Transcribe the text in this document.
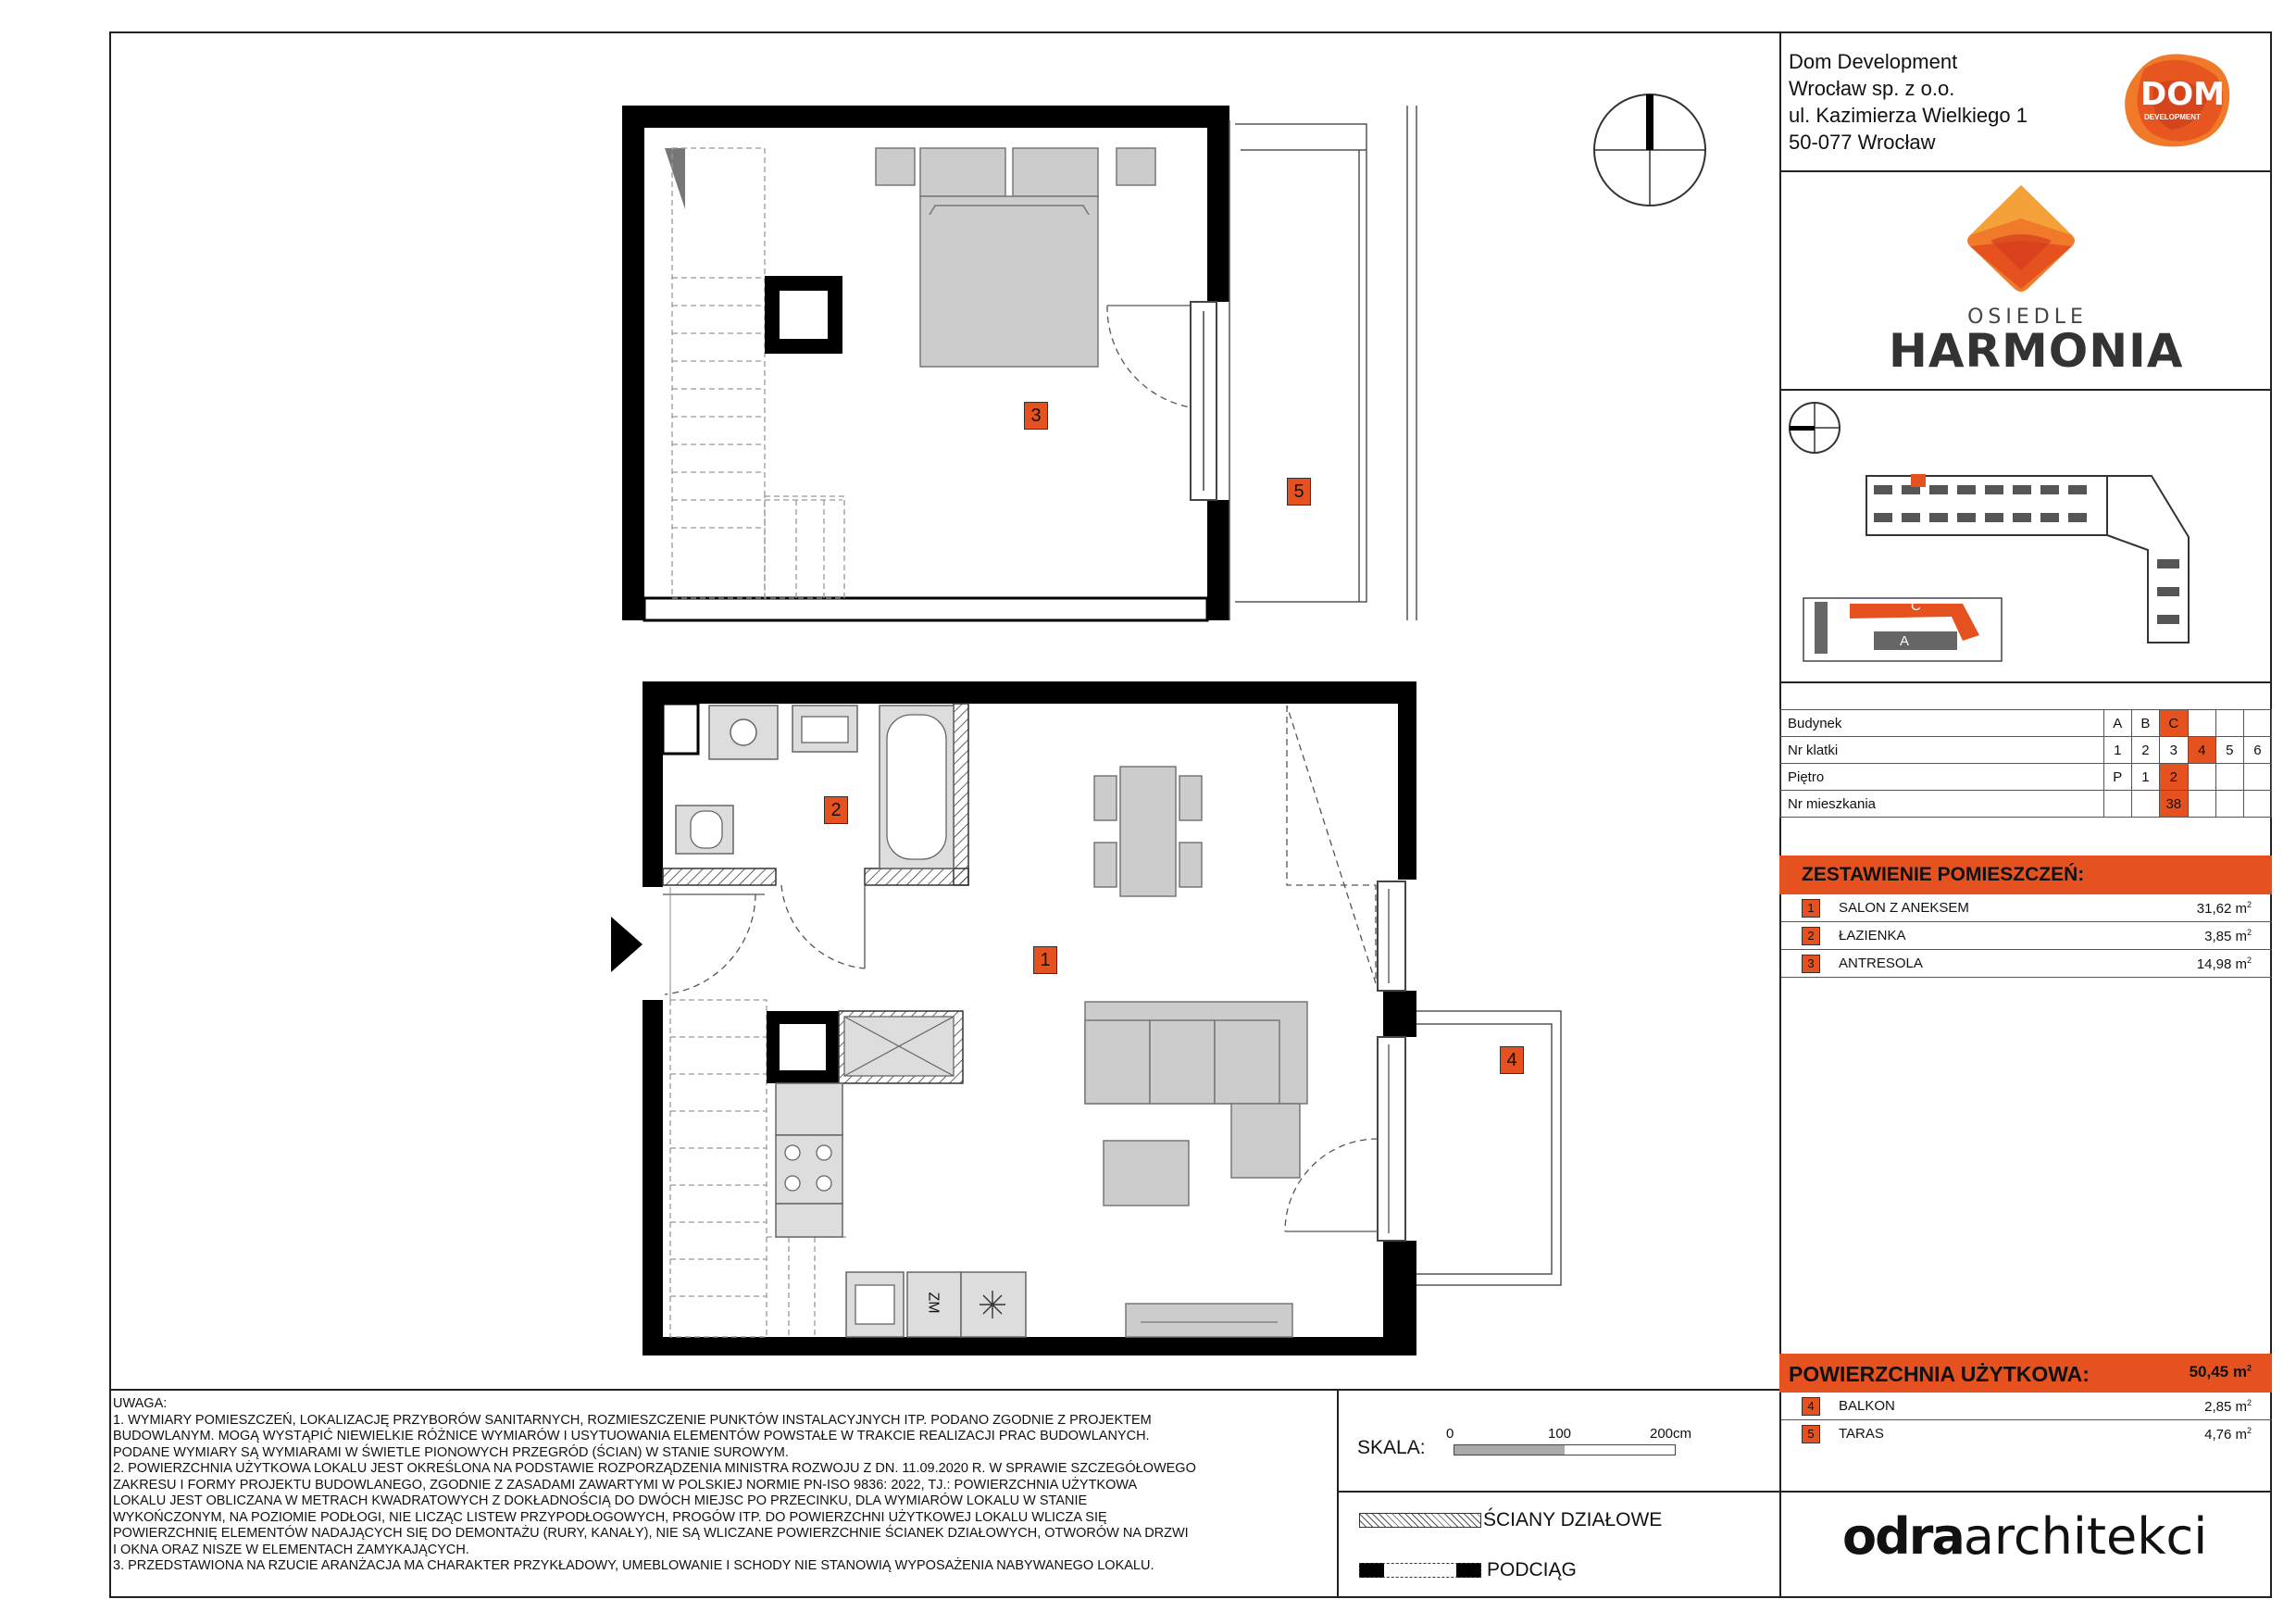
3
5
2
1
4
ZM
Dom Development
Wrocław sp. z o.o.
ul. Kazimierza Wielkiego 1
50-077 Wrocław
DOM
DEVELOPMENT
OSIEDLE
HARMONIA
B
C
A
Budynek	A	B	C			
Nr klatki	1	2	3	4	5	6
Piętro	P	1	2			
Nr mieszkania			38			
ZESTAWIENIE POMIESZCZEŃ:
1	SALON Z ANEKSEM	31,62 $m^2$
2	ŁAZIENKA	3,85 $m^2$
3	ANTRESOLA	14,98 $m^2$
POWIERZCHNIA UŻYTKOWA:	50,45 $m^2$
4	BALKON	2,85 $m^2$
5	TARAS	4,76 $m^2$
odraarchitekci
UWAGA:
1. WYMIARY POMIESZCZEŃ, LOKALIZACJĘ PRZYBORÓW SANITARNYCH, ROZMIESZCZENIE PUNKTÓW INSTALACYJNYCH ITP. PODANO ZGODNIE Z PROJEKTEM
BUDOWLANYM. MOGĄ WYSTĄPIĆ NIEWIELKIE RÓŻNICE WYMIARÓW I USYTUOWANIA ELEMENTÓW POWSTAŁE W TRAKCIE REALIZACJI PRAC BUDOWLANYCH.
PODANE WYMIARY SĄ WYMIARAMI W ŚWIETLE PIONOWYCH PRZEGRÓD (ŚCIAN) W STANIE SUROWYM.
2. POWIERZCHNIA UŻYTKOWA LOKALU JEST OKREŚLONA NA PODSTAWIE ROZPORZĄDZENIA MINISTRA ROZWOJU Z DN. 11.09.2020 R. W SPRAWIE SZCZEGÓŁOWEGO
ZAKRESU I FORMY PROJEKTU BUDOWLANEGO, ZGODNIE Z ZASADAMI ZAWARTYMI W POLSKIEJ NORMIE PN-ISO 9836: 2022, TJ.: POWIERZCHNIA UŻYTKOWA
LOKALU JEST OBLICZANA W METRACH KWADRATOWYCH Z DOKŁADNOŚCIĄ DO DWÓCH MIEJSC PO PRZECINKU, DLA WYMIARÓW LOKALU W STANIE
WYKOŃCZONYM, NA POZIOMIE PODŁOGI, NIE LICZĄC LISTEW PRZYPODŁOGOWYCH, PROGÓW ITP. DO POWIERZCHNI UŻYTKOWEJ LOKALU WLICZA SIĘ
POWIERZCHNIĘ ELEMENTÓW NADAJĄCYCH SIĘ DO DEMONTAŻU (RURY, KANAŁY), NIE SĄ WLICZANE POWIERZCHNIE ŚCIANEK DZIAŁOWYCH, OTWORÓW NA DRZWI
I OKNA ORAZ NISZE W ELEMENTACH ZAMYKAJĄCYCH.
3. PRZEDSTAWIONA NA RZUCIE ARANŻACJA MA CHARAKTER PRZYKŁADOWY, UMEBLOWANIE I SCHODY NIE STANOWIĄ WYPOSAŻENIA NABYWANEGO LOKALU.
SKALA:
0	100	200cm
ŚCIANY DZIAŁOWE
PODCIĄG
